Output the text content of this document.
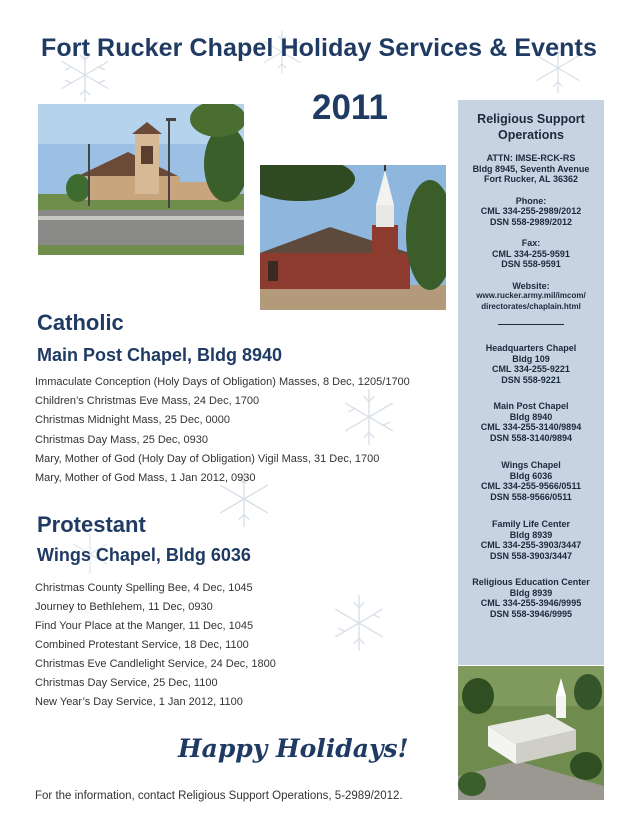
Fort Rucker Chapel Holiday Services & Events
2011
Catholic
Main Post Chapel, Bldg 8940
Immaculate Conception (Holy Days of Obligation) Masses, 8 Dec, 1205/1700
Children’s Christmas Eve Mass, 24 Dec, 1700
Christmas Midnight Mass, 25 Dec, 0000
Christmas Day Mass, 25 Dec, 0930
Mary, Mother of God (Holy Day of Obligation) Vigil Mass, 31 Dec, 1700
Mary, Mother of God Mass, 1 Jan 2012, 0930
Protestant
Wings Chapel, Bldg 6036
Christmas County Spelling Bee, 4 Dec, 1045
Journey to Bethlehem, 11 Dec, 0930
Find Your Place at the Manger, 11 Dec, 1045
Combined Protestant Service, 18 Dec, 1100
Christmas Eve Candlelight Service, 24 Dec, 1800
Christmas Day Service, 25 Dec, 1100
New Year’s Day Service, 1 Jan 2012, 1100
Religious Support
Operations
ATTN: IMSE-RCK-RS
Bldg 8945, Seventh Avenue
Fort Rucker, AL 36362
Phone:
CML 334-255-2989/2012
DSN 558-2989/2012
Fax:
CML 334-255-9591
DSN 558-9591
Website:
www.rucker.army.mil/imcom/
directorates/chaplain.html
Headquarters Chapel
Bldg 109
CML 334-255-9221
DSN 558-9221
Main Post Chapel
Bldg 8940
CML 334-255-3140/9894
DSN 558-3140/9894
Wings Chapel
Bldg 6036
CML 334-255-9566/0511
DSN 558-9566/0511
Family Life Center
Bldg 8939
CML 334-255-3903/3447
DSN 558-3903/3447
Religious Education Center
Bldg 8939
CML 334-255-3946/9995
DSN 558-3946/9995
Happy Holidays!
For the information, contact Religious Support Operations, 5-2989/2012.
